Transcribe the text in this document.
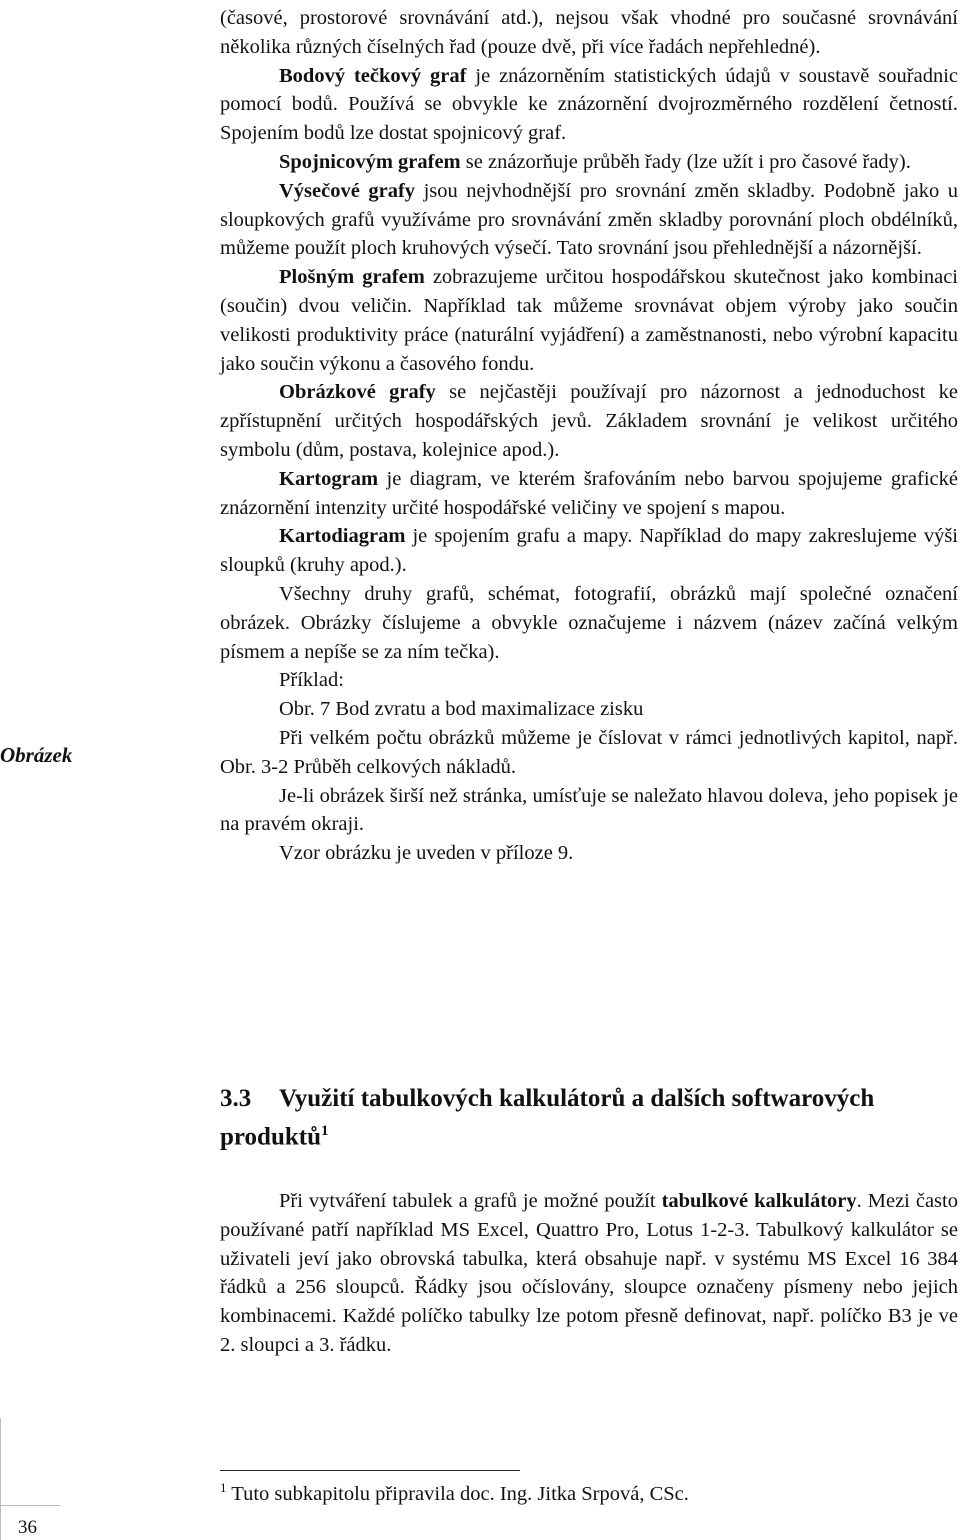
Obrázek

(časové, prostorové srovnávání atd.), nejsou však vhodné pro současné srovnávání několika různých číselných řad (pouze dvě, při více řadách nepřehledné).

Bodový tečkový graf je znázorněním statistických údajů v soustavě souřadnic pomocí bodů. Používá se obvykle ke znázornění dvojrozměrného rozdělení četností. Spojením bodů lze dostat spojnicový graf.

Spojnicovým grafem se znázorňuje průběh řady (lze užít i pro časové řady).

Výsečové grafy jsou nejvhodnější pro srovnání změn skladby. Podobně jako u sloupkových grafů využíváme pro srovnávání změn skladby porovnání ploch obdélníků, můžeme použít ploch kruhových výsečí. Tato srovnání jsou přehlednější a názornější.

Plošným grafem zobrazujeme určitou hospodářskou skutečnost jako kombinaci (součin) dvou veličin. Například tak můžeme srovnávat objem výroby jako součin velikosti produktivity práce (naturální vyjádření) a zaměstnanosti, nebo výrobní kapacitu jako součin výkonu a časového fondu.

Obrázkové grafy se nejčastěji používají pro názornost a jednoduchost ke zpřístupnění určitých hospodářských jevů. Základem srovnání je velikost určitého symbolu (dům, postava, kolejnice apod.).

Kartogram je diagram, ve kterém šrafováním nebo barvou spojujeme grafické znázornění intenzity určité hospodářské veličiny ve spojení s mapou.

Kartodiagram je spojením grafu a mapy. Například do mapy zakreslujeme výši sloupků (kruhy apod.).

Všechny druhy grafů, schémat, fotografií, obrázků mají společné označení obrázek. Obrázky číslujeme a obvykle označujeme i názvem (název začíná velkým písmem a nepíše se za ním tečka).

Příklad:

Obr. 7 Bod zvratu a bod maximalizace zisku

Při velkém počtu obrázků můžeme je číslovat v rámci jednotlivých kapitol, např. Obr. 3-2 Průběh celkových nákladů.

Je-li obrázek širší než stránka, umísťuje se naležato hlavou doleva, jeho popisek je na pravém okraji.

Vzor obrázku je uveden v příloze 9.

3.3 Využití tabulkových kalkulátorů a dalších softwarových produktů$^1$

Při vytváření tabulek a grafů je možné použít tabulkové kalkulátory. Mezi často používané patří například MS Excel, Quattro Pro, Lotus 1-2-3. Tabulkový kalkulátor se uživateli jeví jako obrovská tabulka, která obsahuje např. v systému MS Excel 16 384 řádků a 256 sloupců. Řádky jsou očíslovány, sloupce označeny písmeny nebo jejich kombinacemi. Každé políčko tabulky lze potom přesně definovat, např. políčko B3 je ve 2. sloupci a 3. řádku.

$^1$ Tuto subkapitolu připravila doc. Ing. Jitka Srpová, CSc.
36
